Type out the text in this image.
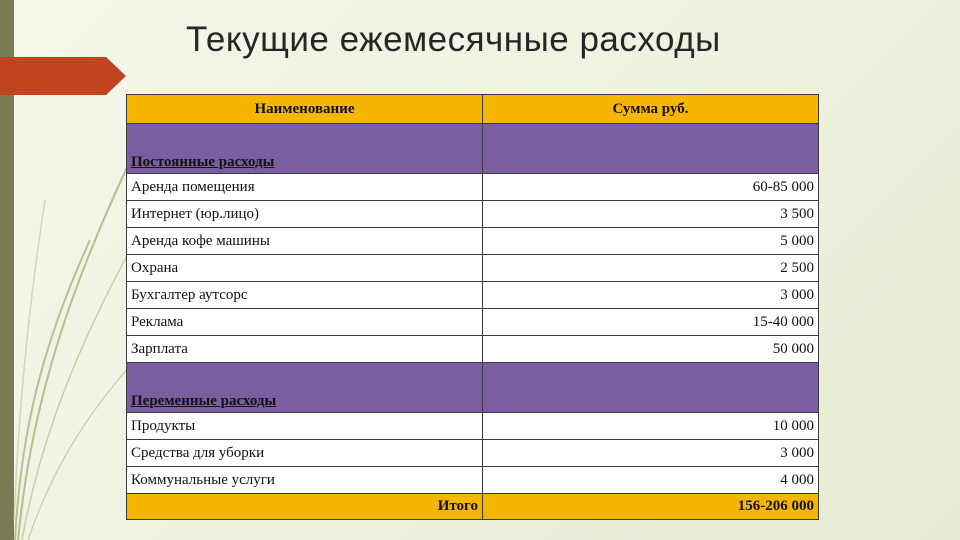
Текущие ежемесячные расходы
Наименование	Сумма руб.
Постоянные расходы	
Аренда помещения	60-85 000
Интернет (юр.лицо)	3 500
Аренда кофе машины	5 000
Охрана	2 500
Бухгалтер аутсорс	3 000
Реклама	15-40 000
Зарплата	50 000
Переменные расходы	
Продукты	10 000
Средства для уборки	3 000
Коммунальные услуги	4 000
Итого	156-206 000
